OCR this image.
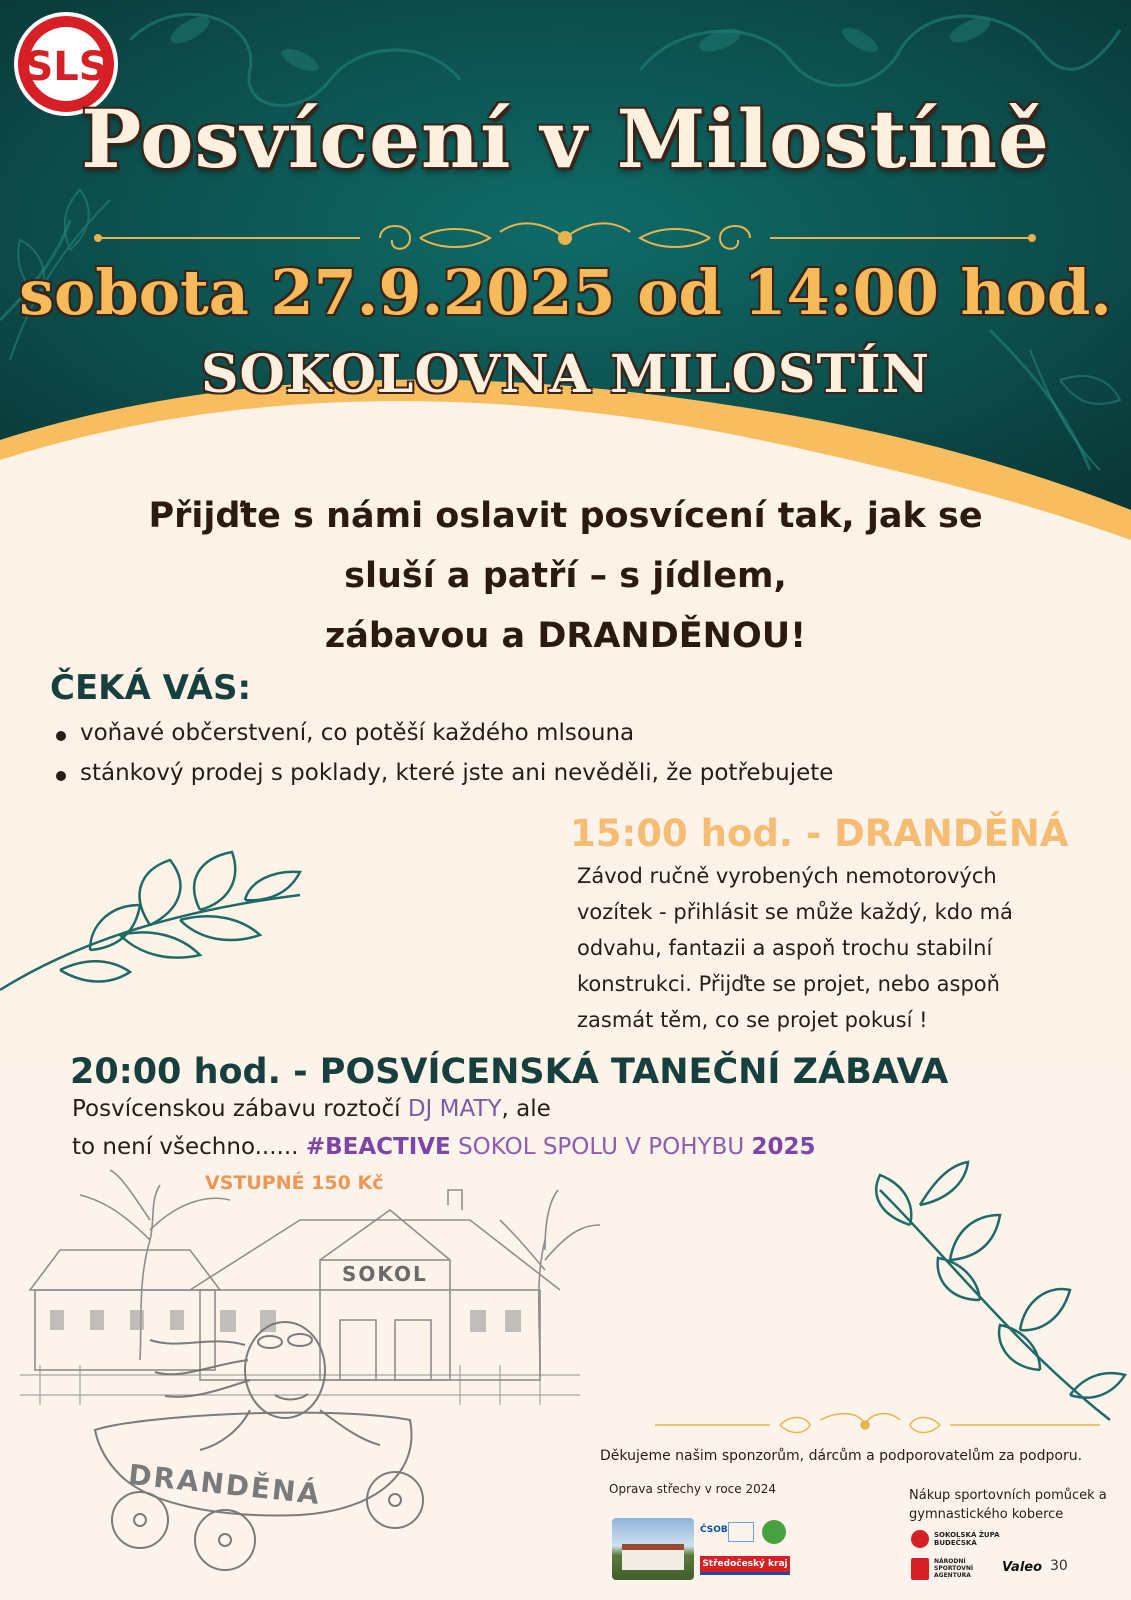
SLS
Posvícení v Milostíně
sobota 27.9.2025 od 14:00 hod.
SOKOLOVNA MILOSTÍN
Přijďte s námi oslavit posvícení tak, jak se
sluší a patří – s jídlem,
zábavou a DRANDĚNOU!
ČEKÁ VÁS:
voňavé občerstvení, co potěší každého mlsouna
stánkový prodej s poklady, které jste ani nevěděli, že potřebujete
15:00 hod. - DRANDĚNÁ
Závod ručně vyrobených nemotorových
vozítek - přihlásit se může každý, kdo má
odvahu, fantazii a aspoň trochu stabilní
konstrukci. Přijďte se projet, nebo aspoň
zasmát těm, co se projet pokusí !
20:00 hod. - POSVÍCENSKÁ TANEČNÍ ZÁBAVA
Posvícenskou zábavu roztočí DJ MATY, ale
to není všechno...... #BEACTIVE SOKOL SPOLU V POHYBU 2025
VSTUPNÉ 150 Kč
SOKOL
DRANDĚNÁ
Děkujeme našim sponzorům, dárcům a podporovatelům za podporu.
Oprava střechy v roce 2024	Nákup sportovních pomůcek a
gymnastického koberce
ČSOB
Středočeský kraj
SOKOLSKÁ ŽUPA BUDEČSKÁ
NÁRODNÍ SPORTOVNÍ AGENTURA
Valeo 30
